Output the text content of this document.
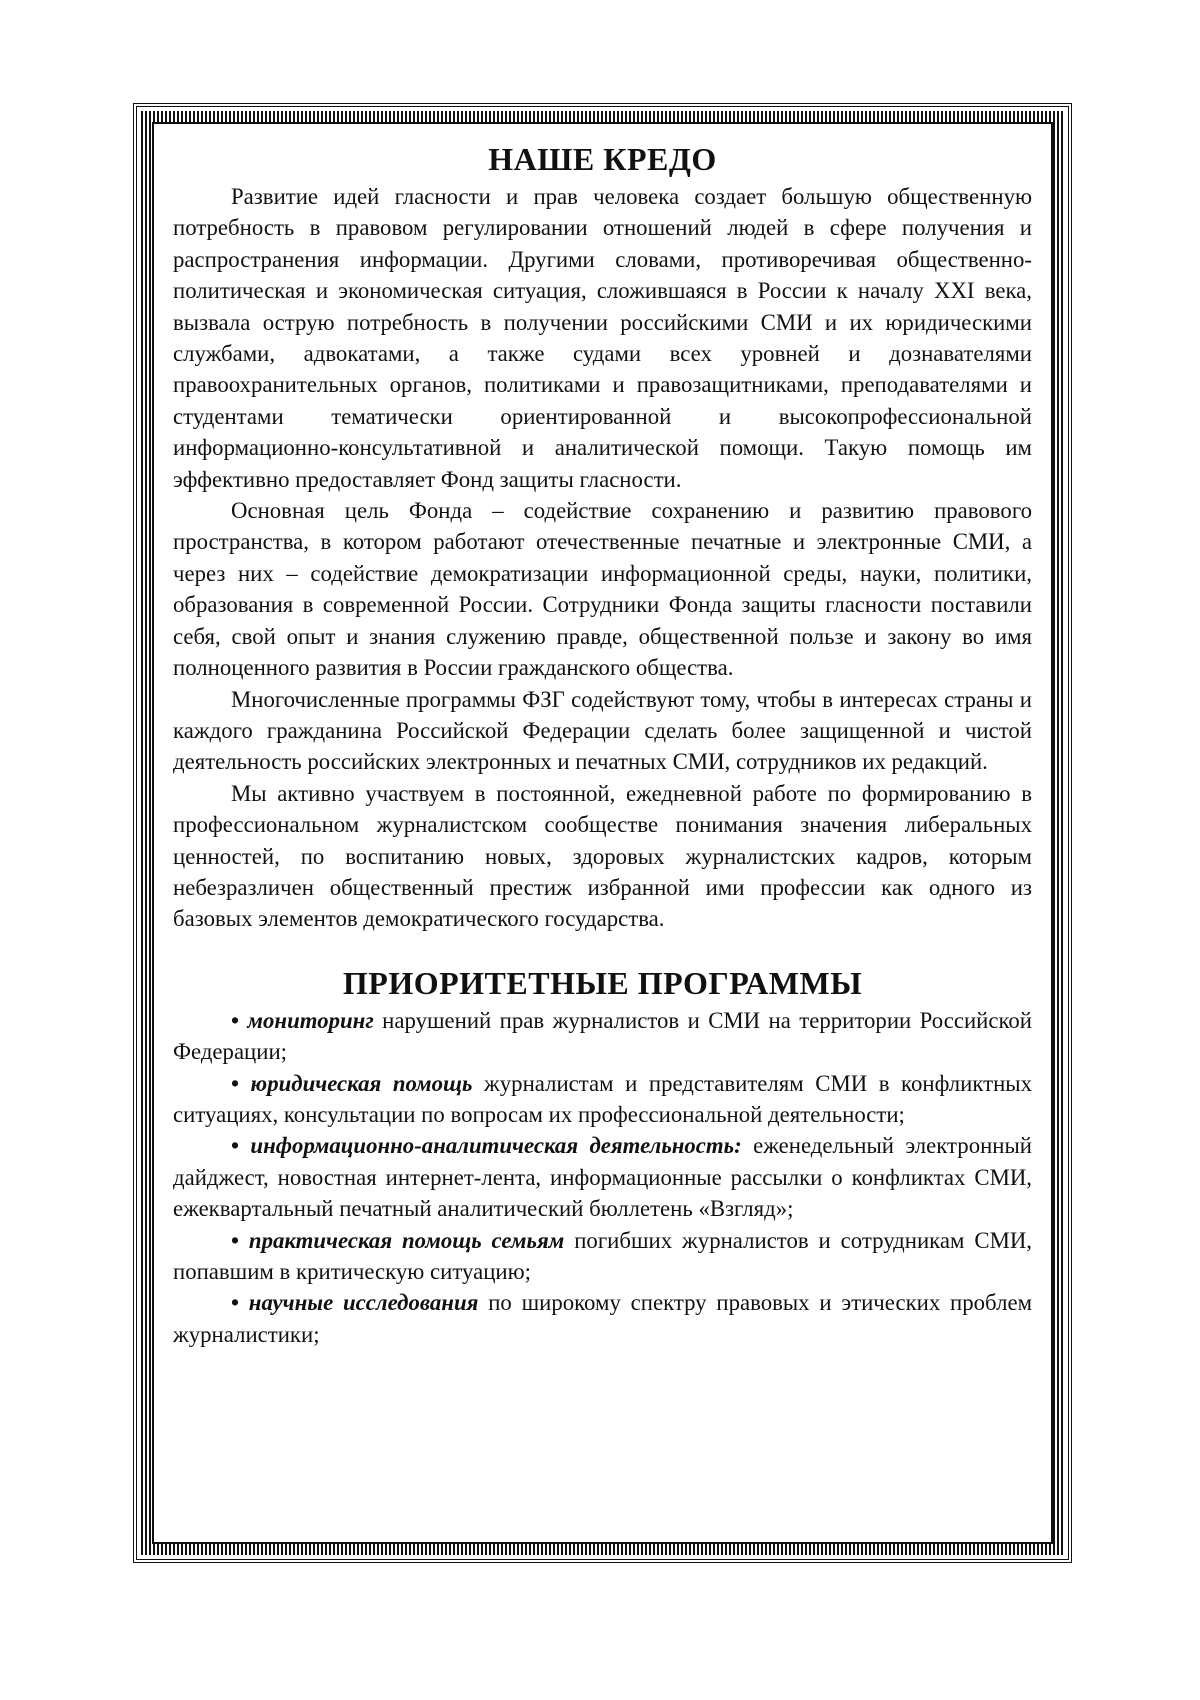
НАШЕ КРЕДО

Развитие идей гласности и прав человека создает большую общественную потребность в правовом регулировании отношений людей в сфере получения и распространения информации. Другими словами, противоречивая общественно-политическая и экономическая ситуация, сложившаяся в России к началу XXI века, вызвала острую потребность в получении российскими СМИ и их юридическими службами, адвокатами, а также судами всех уровней и дознавателями правоохранительных органов, политиками и правозащитниками, преподавателями и студентами тематически ориентированной и высокопрофессиональной информационно-консультативной и аналитической помощи. Такую помощь им эффективно предоставляет Фонд защиты гласности.

Основная цель Фонда – содействие сохранению и развитию правового пространства, в котором работают отечественные печатные и электронные СМИ, а через них – содействие демократизации информационной среды, науки, политики, образования в современной России. Сотрудники Фонда защиты гласности поставили себя, свой опыт и знания служению правде, общественной пользе и закону во имя полноценного развития в России гражданского общества.

Многочисленные программы ФЗГ содействуют тому, чтобы в интересах страны и каждого гражданина Российской Федерации сделать более защищенной и чистой деятельность российских электронных и печатных СМИ, сотрудников их редакций.

Мы активно участвуем в постоянной, ежедневной работе по формированию в профессиональном журналистском сообществе понимания значения либеральных ценностей, по воспитанию новых, здоровых журналистских кадров, которым небезразличен общественный престиж избранной ими профессии как одного из базовых элементов демократического государства.

ПРИОРИТЕТНЫЕ ПРОГРАММЫ

• мониторинг нарушений прав журналистов и СМИ на территории Российской Федерации;

• юридическая помощь журналистам и представителям СМИ в конфликтных ситуациях, консультации по вопросам их профессиональной деятельности;

• информационно-аналитическая деятельность: еженедельный электронный дайджест, новостная интернет-лента, информационные рассылки о конфликтах СМИ, ежеквартальный печатный аналитический бюллетень «Взгляд»;

• практическая помощь семьям погибших журналистов и сотрудникам СМИ, попавшим в критическую ситуацию;

• научные исследования по широкому спектру правовых и этических проблем журналистики;
